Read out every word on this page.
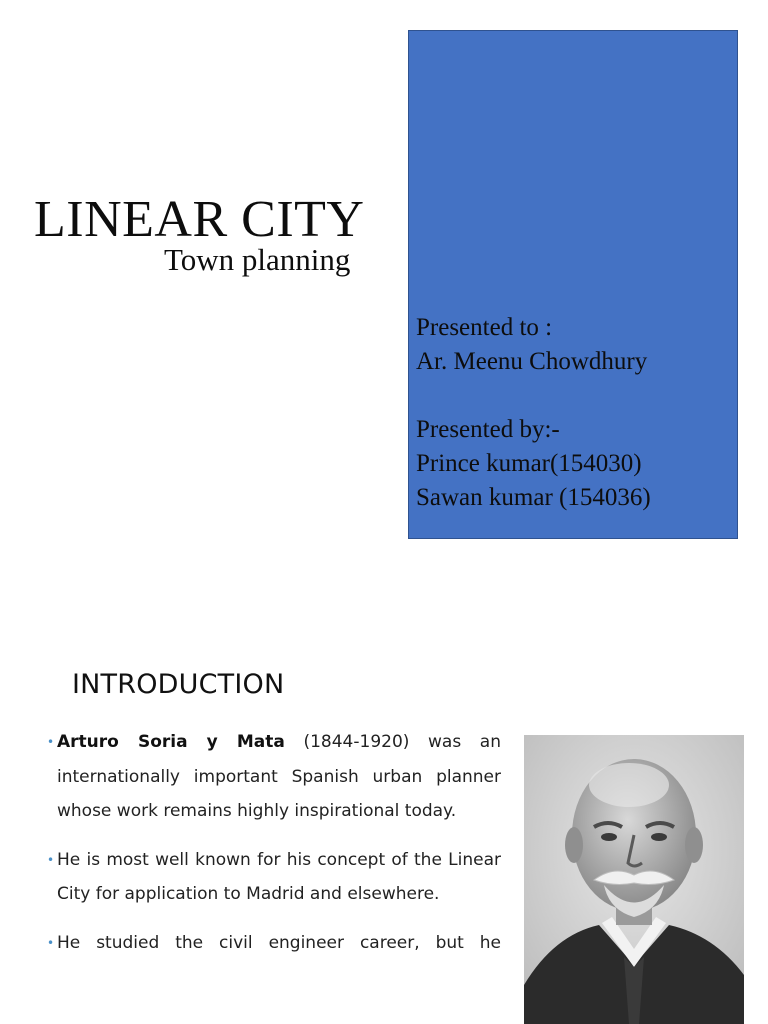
LINEAR CITY
Town planning
Presented to :
Ar. Meenu Chowdhury
Presented by:-
Prince kumar(154030)
Sawan kumar (154036)
INTRODUCTION
• Arturo Soria y Mata (1844-1920) was an internationally important Spanish urban planner whose work remains highly inspirational today.
• He is most well known for his concept of the Linear City for application to Madrid and elsewhere.
• He studied the civil engineer career, but he
